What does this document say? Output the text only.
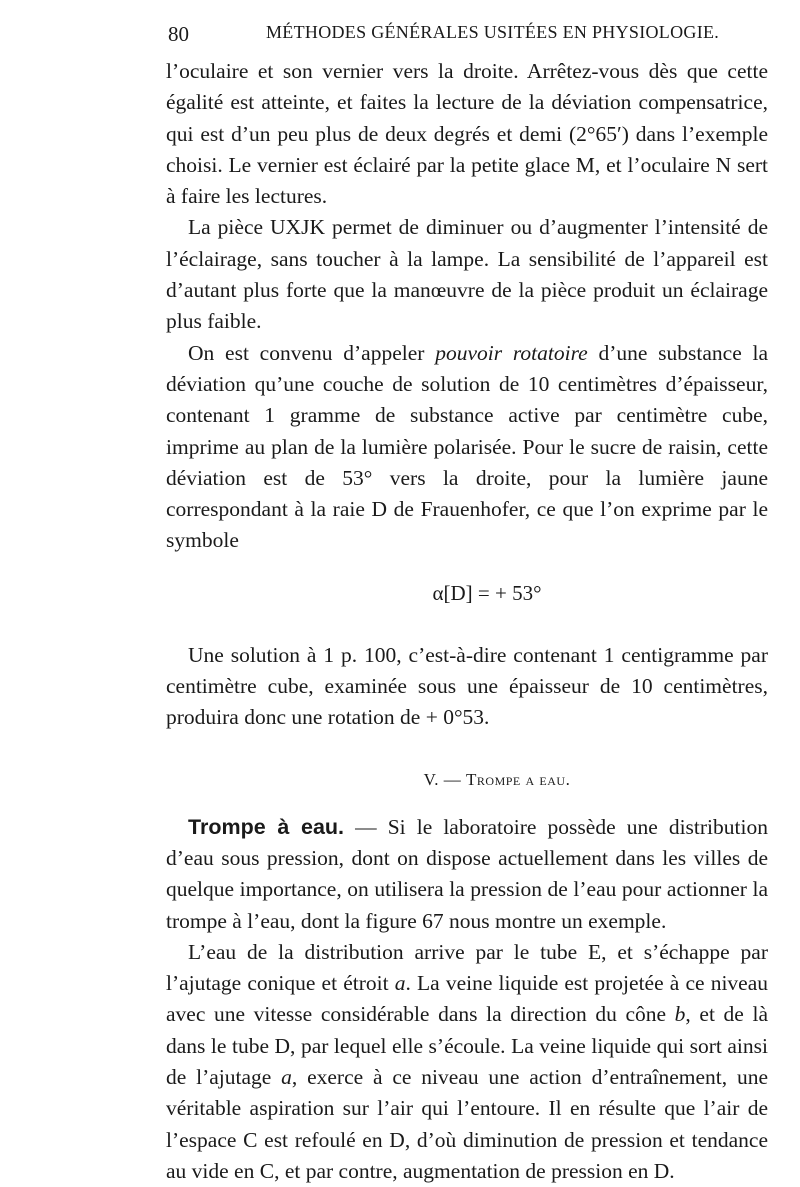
80	MÉTHODES GÉNÉRALES USITÉES EN PHYSIOLOGIE.

l’oculaire et son vernier vers la droite. Arrêtez-vous dès que cette égalité est atteinte, et faites la lecture de la déviation compensatrice, qui est d’un peu plus de deux degrés et demi (2°65′) dans l’exemple choisi. Le vernier est éclairé par la petite glace M, et l’oculaire N sert à faire les lectures.

La pièce UXJK permet de diminuer ou d’augmenter l’intensité de l’éclairage, sans toucher à la lampe. La sensibilité de l’appareil est d’autant plus forte que la manœuvre de la pièce produit un éclairage plus faible.

On est convenu d’appeler pouvoir rotatoire d’une substance la déviation qu’une couche de solution de 10 centimètres d’épaisseur, contenant 1 gramme de substance active par centimètre cube, imprime au plan de la lumière polarisée. Pour le sucre de raisin, cette déviation est de 53° vers la droite, pour la lumière jaune correspondant à la raie D de Frauenhofer, ce que l’on exprime par le symbole

α[D] = + 53°

Une solution à 1 p. 100, c’est-à-dire contenant 1 centigramme par centimètre cube, examinée sous une épaisseur de 10 centimètres, produira donc une rotation de + 0°53.

V. — Trompe a eau.

Trompe à eau. — Si le laboratoire possède une distribution d’eau sous pression, dont on dispose actuellement dans les villes de quelque importance, on utilisera la pression de l’eau pour actionner la trompe à l’eau, dont la figure 67 nous montre un exemple.

L’eau de la distribution arrive par le tube E, et s’échappe par l’ajutage conique et étroit a. La veine liquide est projetée à ce niveau avec une vitesse considérable dans la direction du cône b, et de là dans le tube D, par lequel elle s’écoule. La veine liquide qui sort ainsi de l’ajutage a, exerce à ce niveau une action d’entraînement, une véritable aspiration sur l’air qui l’entoure. Il en résulte que l’air de l’espace C est refoulé en D, d’où diminution de pression et tendance au vide en C, et par contre, augmentation de pression en D.
